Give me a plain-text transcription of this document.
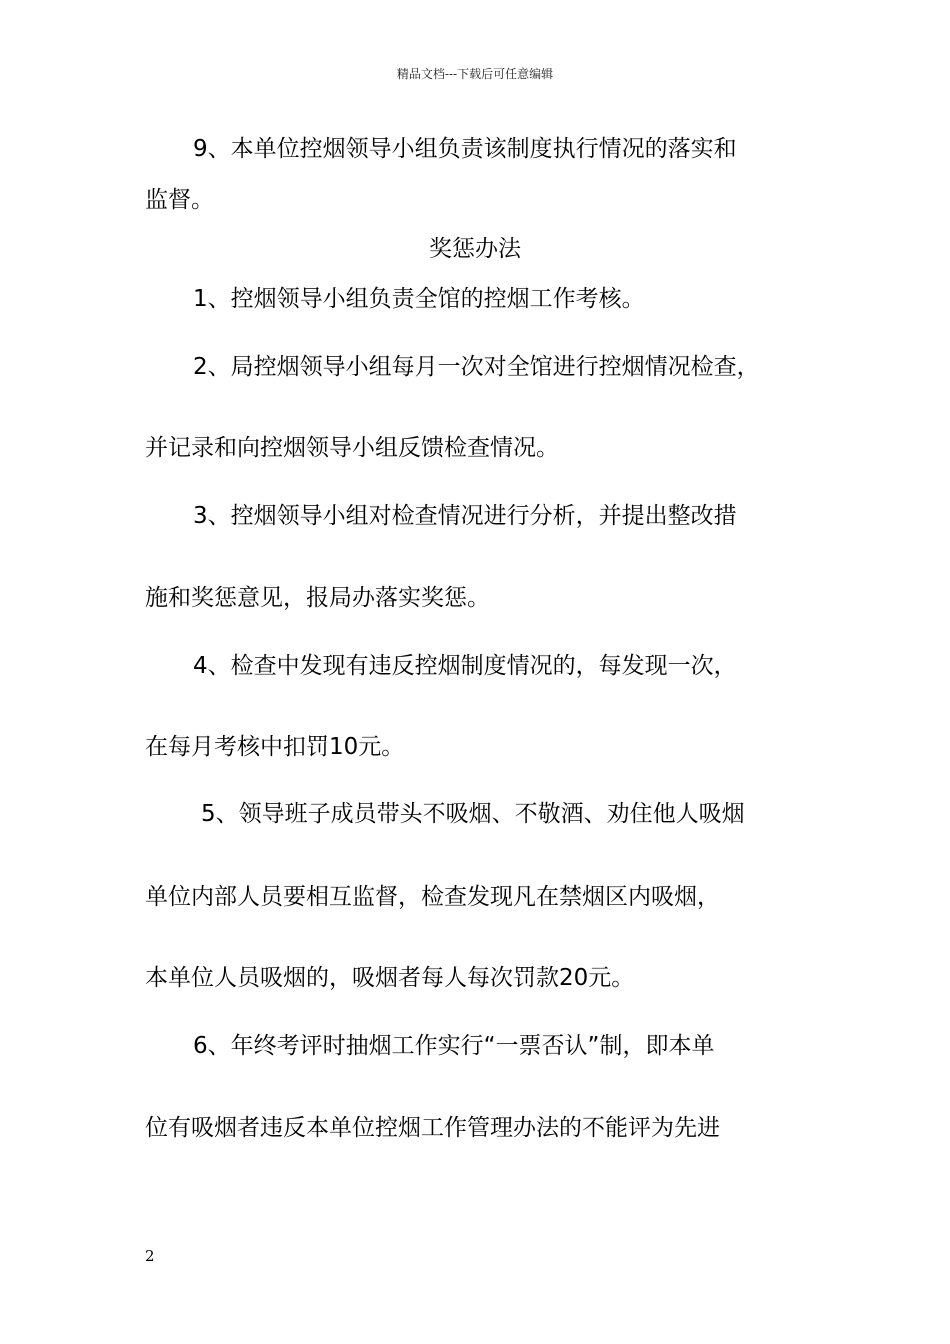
精品文档---下载后可任意编辑
9、本单位控烟领导小组负责该制度执行情况的落实和
监督。
奖惩办法
1、控烟领导小组负责全馆的控烟工作考核。
2、局控烟领导小组每月一次对全馆进行控烟情况检查，
并记录和向控烟领导小组反馈检查情况。
3、控烟领导小组对检查情况进行分析，并提出整改措
施和奖惩意见，报局办落实奖惩。
4、检查中发现有违反控烟制度情况的，每发现一次，
在每月考核中扣罚10元。
5、领导班子成员带头不吸烟、不敬酒、劝住他人吸烟
单位内部人员要相互监督，检查发现凡在禁烟区内吸烟，
本单位人员吸烟的，吸烟者每人每次罚款20元。
6、年终考评时抽烟工作实行“一票否认”制，即本单
位有吸烟者违反本单位控烟工作管理办法的不能评为先进
2
